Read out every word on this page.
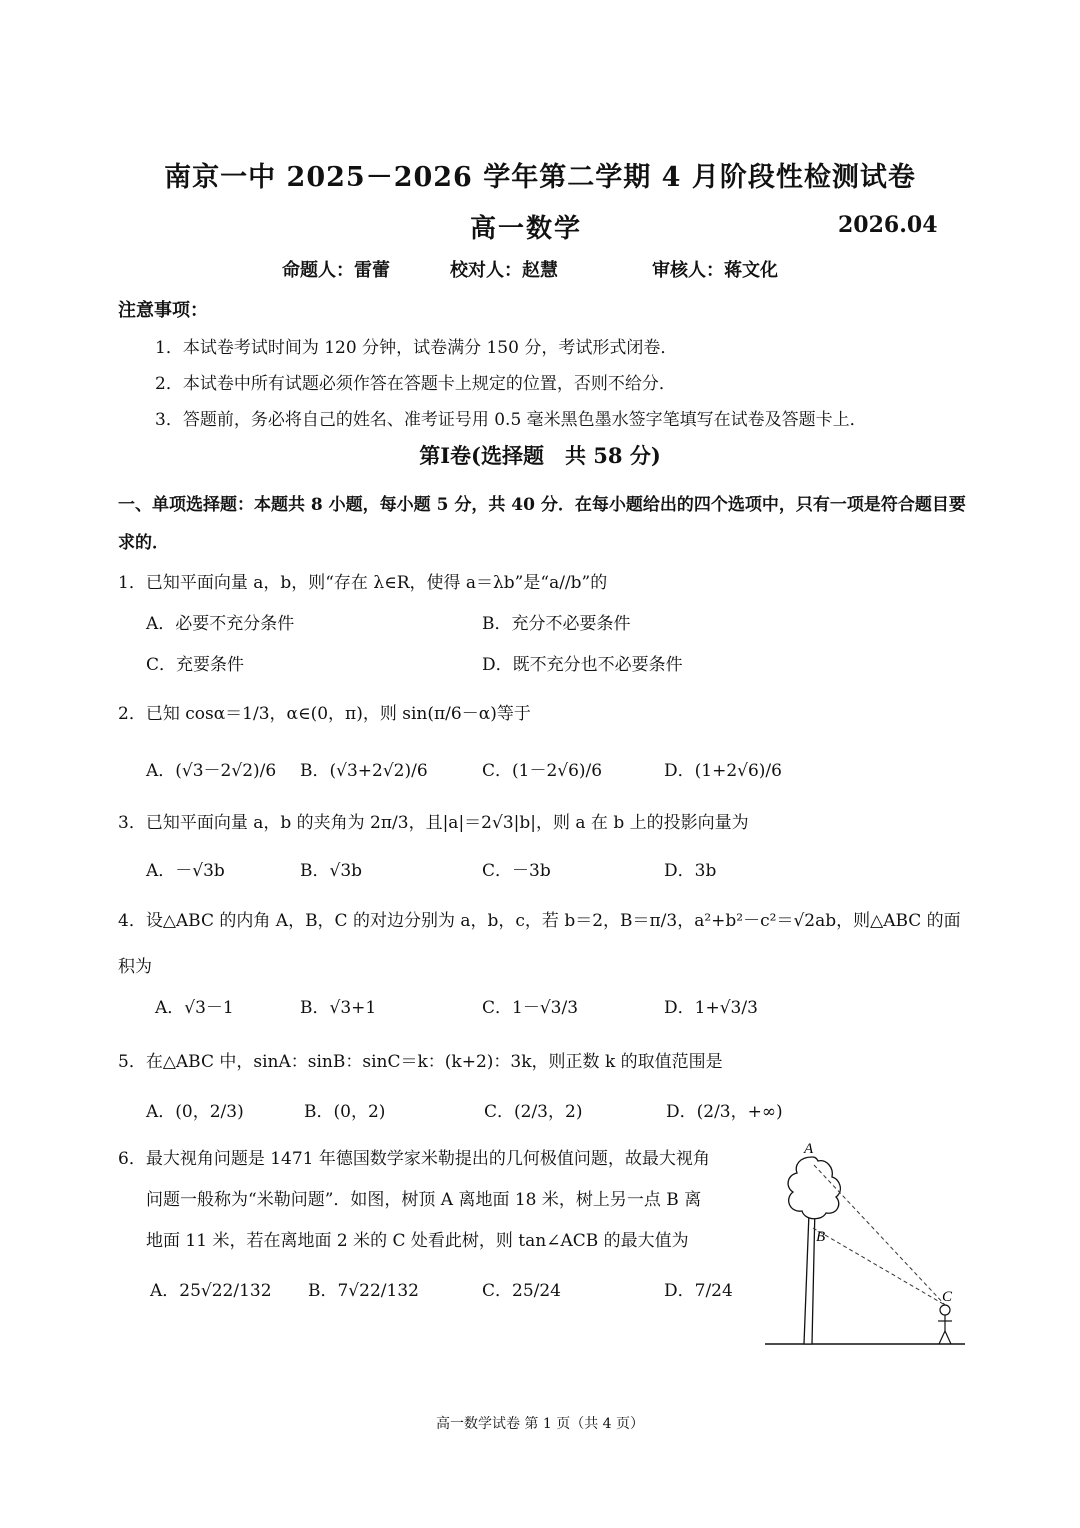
南京一中 2025－2026 学年第二学期 4 月阶段性检测试卷
高一数学	2026.04
命题人：雷蕾	校对人：赵慧	审核人：蒋文化
注意事项：
1．本试卷考试时间为 120 分钟，试卷满分 150 分，考试形式闭卷．
2．本试卷中所有试题必须作答在答题卡上规定的位置，否则不给分．
3．答题前，务必将自己的姓名、准考证号用 0.5 毫米黑色墨水签字笔填写在试卷及答题卡上．
第Ⅰ卷(选择题　共 58 分)
一、单项选择题：本题共 8 小题，每小题 5 分，共 40 分．在每小题给出的四个选项中，只有一项是符合题目要求的．
1．已知平面向量 a，b，则“存在 λ∈R，使得 a＝λb”是“a//b”的
A．必要不充分条件	B．充分不必要条件
C．充要条件	D．既不充分也不必要条件
2．已知 cosα＝1/3，α∈(0，π)，则 sin(π/6－α)等于
A．(√3－2√2)/6 B．(√3+2√2)/6	C．(1－2√6)/6	D．(1+2√6)/6
3．已知平面向量 a，b 的夹角为 2π/3，且|a|＝2√3|b|，则 a 在 b 上的投影向量为
A．－√3b	B．√3b	C．－3b	D．3b
4．设△ABC 的内角 A，B，C 的对边分别为 a，b，c，若 b＝2，B＝π/3，a²+b²－c²＝√2ab，则△ABC 的面积为
A．√3－1	B．√3+1	C．1－√3/3	D．1+√3/3
5．在△ABC 中，sinA：sinB：sinC＝k：(k+2)：3k，则正数 k 的取值范围是
A．(0，2/3)	B．(0，2)	C．(2/3，2)	D．(2/3，+∞)
6．最大视角问题是 1471 年德国数学家米勒提出的几何极值问题，故最大视角
问题一般称为“米勒问题”．如图，树顶 A 离地面 18 米，树上另一点 B 离
地面 11 米，若在离地面 2 米的 C 处看此树，则 tan∠ACB 的最大值为
A．25√22/132 B．7√22/132	C．25/24	D．7/24
A
B
C
高一数学试卷 第 1 页（共 4 页）
